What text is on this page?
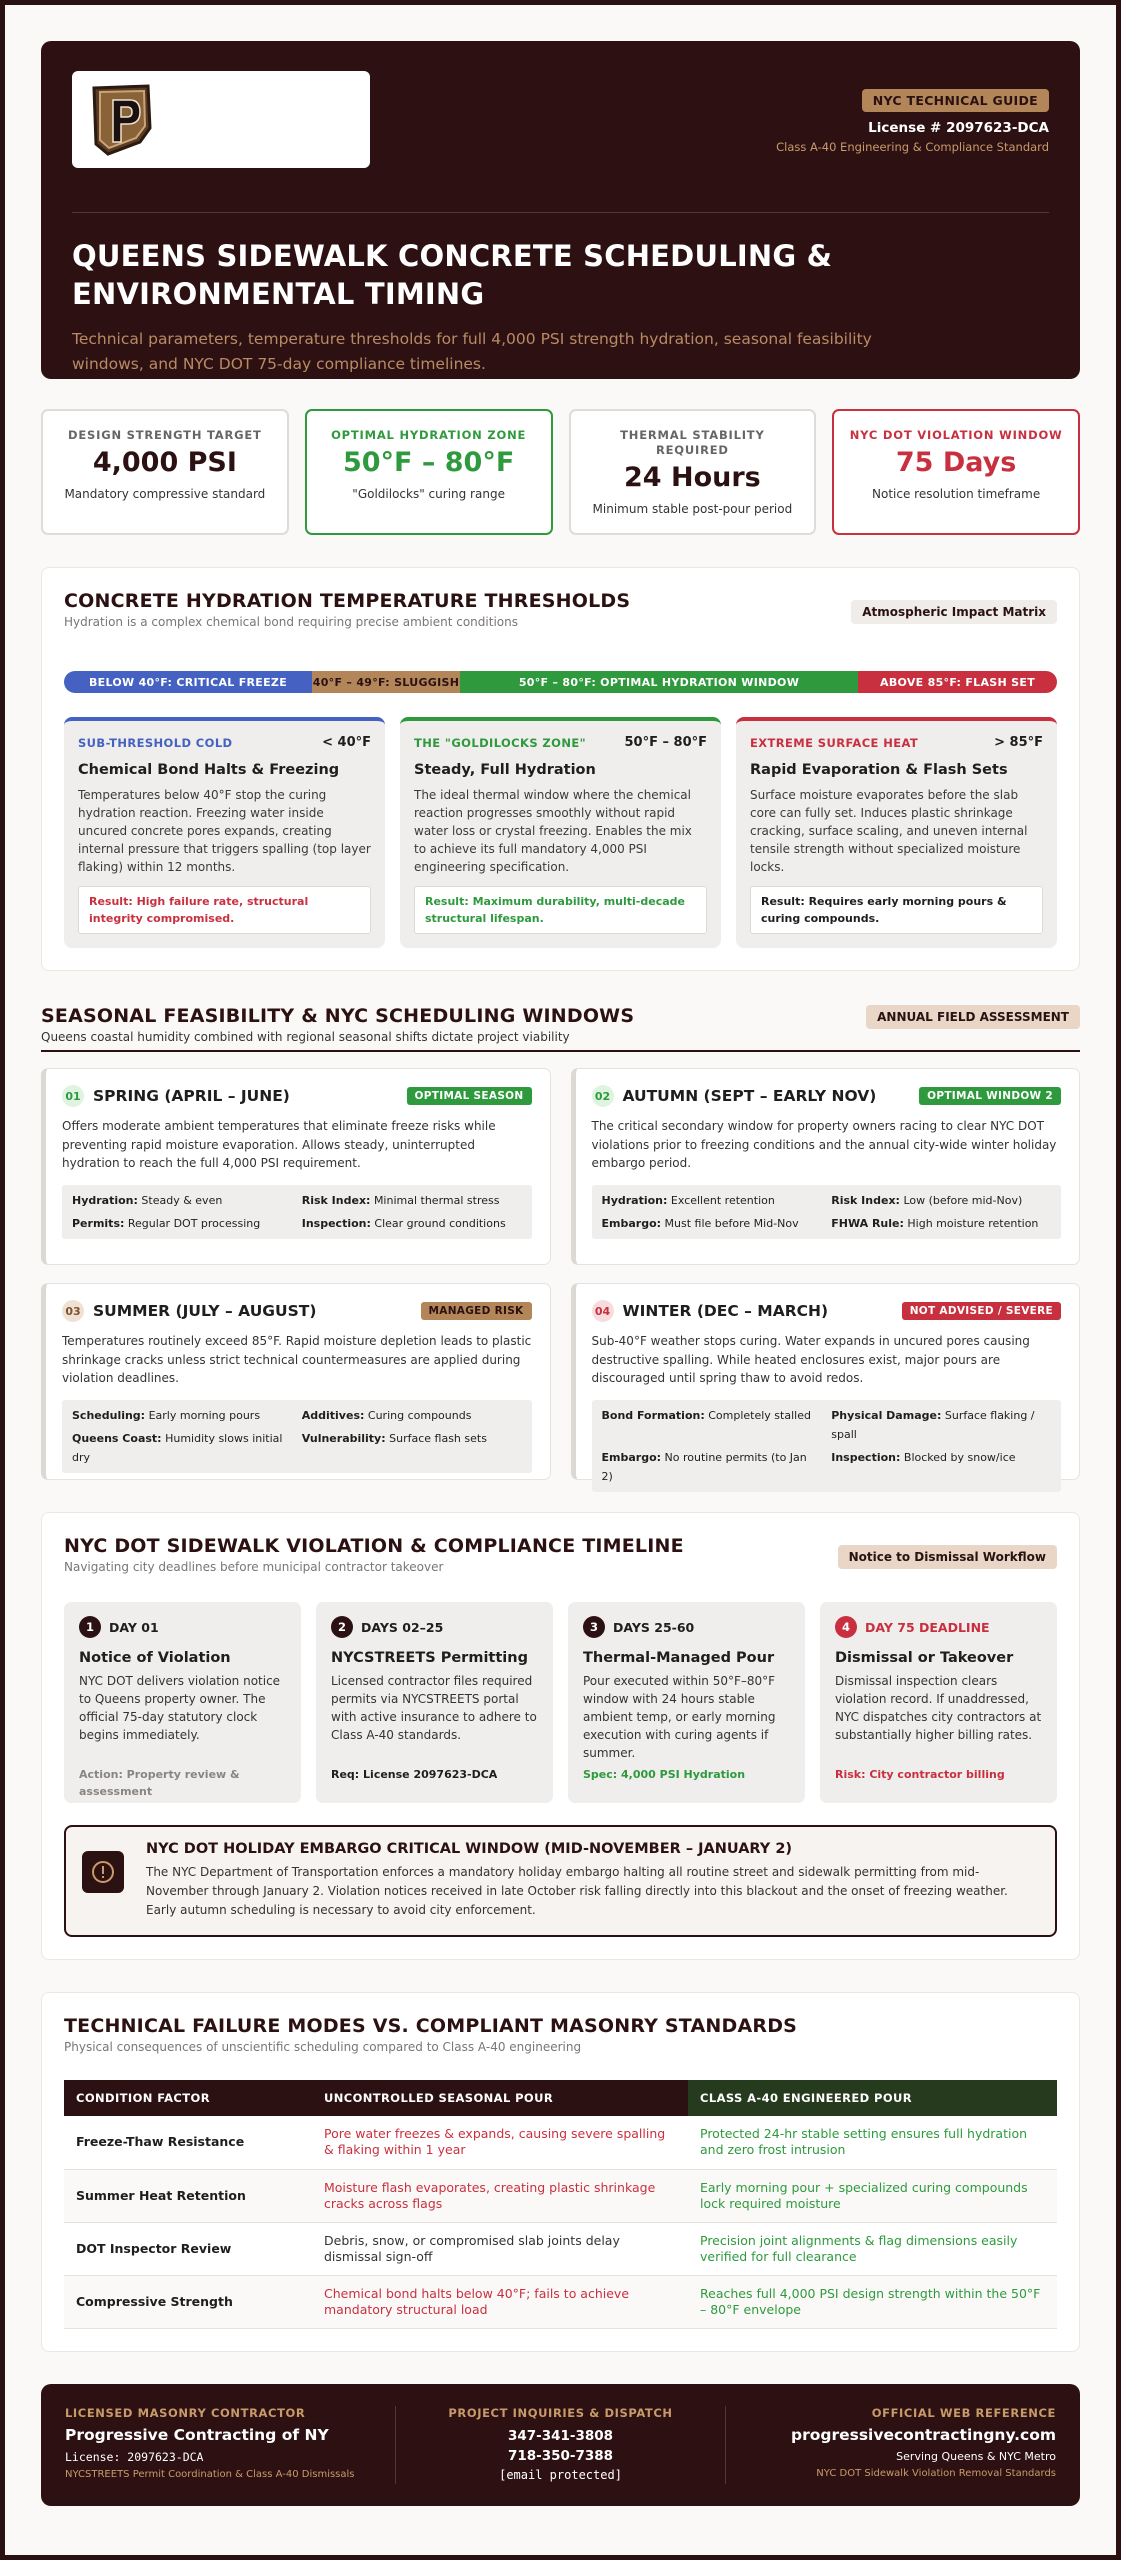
NYC TECHNICAL GUIDE
License # 2097623-DCA
Class A-40 Engineering & Compliance Standard
QUEENS SIDEWALK CONCRETE SCHEDULING & ENVIRONMENTAL TIMING

Technical parameters, temperature thresholds for full 4,000 PSI strength hydration, seasonal feasibility windows, and NYC DOT 75-day compliance timelines.

DESIGN STRENGTH TARGET
4,000 PSI
Mandatory compressive standard
OPTIMAL HYDRATION ZONE
50°F – 80°F
"Goldilocks" curing range
THERMAL STABILITY REQUIRED
24 Hours
Minimum stable post-pour period
NYC DOT VIOLATION WINDOW
75 Days
Notice resolution timeframe
CONCRETE HYDRATION TEMPERATURE THRESHOLDS
Hydration is a complex chemical bond requiring precise ambient conditions
Atmospheric Impact Matrix
BELOW 40°F: CRITICAL FREEZE	40°F – 49°F: SLUGGISH	50°F – 80°F: OPTIMAL HYDRATION WINDOW	ABOVE 85°F: FLASH SET
SUB-THRESHOLD COLD	< 40°F
Chemical Bond Halts & Freezing
Temperatures below 40°F stop the curing hydration reaction. Freezing water inside uncured concrete pores expands, creating internal pressure that triggers spalling (top layer flaking) within 12 months.
Result: High failure rate, structural integrity compromised.
THE "GOLDILOCKS ZONE"	50°F – 80°F
Steady, Full Hydration
The ideal thermal window where the chemical reaction progresses smoothly without rapid water loss or crystal freezing. Enables the mix to achieve its full mandatory 4,000 PSI engineering specification.
Result: Maximum durability, multi-decade structural lifespan.
EXTREME SURFACE HEAT	> 85°F
Rapid Evaporation & Flash Sets
Surface moisture evaporates before the slab core can fully set. Induces plastic shrinkage cracking, surface scaling, and uneven internal tensile strength without specialized moisture locks.
Result: Requires early morning pours & curing compounds.
SEASONAL FEASIBILITY & NYC SCHEDULING WINDOWS
Queens coastal humidity combined with regional seasonal shifts dictate project viability
ANNUAL FIELD ASSESSMENT
01 SPRING (APRIL – JUNE)	OPTIMAL SEASON
Offers moderate ambient temperatures that eliminate freeze risks while preventing rapid moisture evaporation. Allows steady, uninterrupted hydration to reach the full 4,000 PSI requirement.
Hydration: Steady & even	Risk Index: Minimal thermal stress
Permits: Regular DOT processing	Inspection: Clear ground conditions
02 AUTUMN (SEPT – EARLY NOV)	OPTIMAL WINDOW 2
The critical secondary window for property owners racing to clear NYC DOT violations prior to freezing conditions and the annual city-wide winter holiday embargo period.
Hydration: Excellent retention	Risk Index: Low (before mid-Nov)
Embargo: Must file before Mid-Nov	FHWA Rule: High moisture retention
03 SUMMER (JULY – AUGUST)	MANAGED RISK
Temperatures routinely exceed 85°F. Rapid moisture depletion leads to plastic shrinkage cracks unless strict technical countermeasures are applied during violation deadlines.
Scheduling: Early morning pours	Additives: Curing compounds
Queens Coast: Humidity slows initial dry
Vulnerability: Surface flash sets
04 WINTER (DEC – MARCH)	NOT ADVISED / SEVERE
Sub-40°F weather stops curing. Water expands in uncured pores causing destructive spalling. While heated enclosures exist, major pours are discouraged until spring thaw to avoid redos.
Bond Formation: Completely stalled	Physical Damage: Surface flaking / spall
Embargo: No routine permits (to Jan 2)
Inspection: Blocked by snow/ice
NYC DOT SIDEWALK VIOLATION & COMPLIANCE TIMELINE
Navigating city deadlines before municipal contractor takeover
Notice to Dismissal Workflow
1	DAY 01
Notice of Violation
NYC DOT delivers violation notice to Queens property owner. The official 75-day statutory clock begins immediately.
Action: Property review & assessment
2	DAYS 02–25
NYCSTREETS Permitting
Licensed contractor files required permits via NYCSTREETS portal with active insurance to adhere to Class A-40 standards.
Req: License 2097623-DCA
3	DAYS 25-60
Thermal-Managed Pour
Pour executed within 50°F–80°F window with 24 hours stable ambient temp, or early morning execution with curing agents if summer.
Spec: 4,000 PSI Hydration
4	DAY 75 DEADLINE
Dismissal or Takeover
Dismissal inspection clears violation record. If unaddressed, NYC dispatches city contractors at substantially higher billing rates.
Risk: City contractor billing
NYC DOT HOLIDAY EMBARGO CRITICAL WINDOW (MID-NOVEMBER – JANUARY 2)
The NYC Department of Transportation enforces a mandatory holiday embargo halting all routine street and sidewalk permitting from mid-November through January 2. Violation notices received in late October risk falling directly into this blackout and the onset of freezing weather. Early autumn scheduling is necessary to avoid city enforcement.
TECHNICAL FAILURE MODES VS. COMPLIANT MASONRY STANDARDS
Physical consequences of unscientific scheduling compared to Class A-40 engineering
CONDITION FACTOR	UNCONTROLLED SEASONAL POUR	CLASS A-40 ENGINEERED POUR
Freeze-Thaw Resistance	Pore water freezes & expands, causing severe spalling & flaking within 1 year	Protected 24-hr stable setting ensures full hydration and zero frost intrusion
Summer Heat Retention	Moisture flash evaporates, creating plastic shrinkage cracks across flags	Early morning pour + specialized curing compounds lock required moisture
DOT Inspector Review	Debris, snow, or compromised slab joints delay dismissal sign-off	Precision joint alignments & flag dimensions easily verified for full clearance
Compressive Strength	Chemical bond halts below 40°F; fails to achieve mandatory structural load	Reaches full 4,000 PSI design strength within the 50°F – 80°F envelope
LICENSED MASONRY CONTRACTOR
Progressive Contracting of NY
License: 2097623-DCA
NYCSTREETS Permit Coordination & Class A-40 Dismissals
PROJECT INQUIRIES & DISPATCH
347-341-3808
718-350-7388
[email protected]
OFFICIAL WEB REFERENCE
progressivecontractingny.com
Serving Queens & NYC Metro
NYC DOT Sidewalk Violation Removal Standards
